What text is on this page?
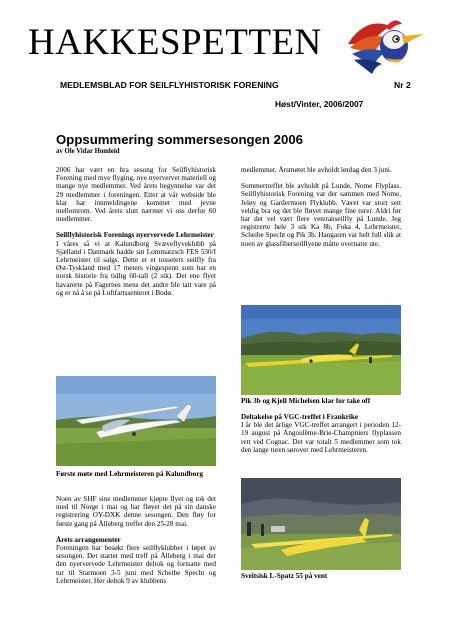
HAKKESPETTEN
MEDLEMSBLAD FOR SEILFLYHISTORISK FORENING	Nr 2
Høst/Vinter, 2006/2007
Oppsummering sommersesongen 2006
av Ole Vidar Homleid

2006 har vært en bra sesong for Seilflyhistorisk Forening med mye flyging, nye nyervervet materiell og mange nye medlemmer. Ved årets begynnelse var det 29 medlemmer i foreningen. Etter at vår webside ble klar har innmeldingene kommet med jevne mellomrom. Ved årets slutt nærmer vi oss derfor 60 medlemmer.

Seilflyhistorisk Forenings nyervervede Lehrmeister

I våres så vi at Kalundborg Svæveflyveklubb på Sjælland i Danmark hadde sin Lommatzsch FES 530/I Lehrmeister til salgs. Dette er et tosseters seilfly fra Øst-Tyskland med 17 meters vingespenn som har en norsk historie fra tidlig 60-tall (2 stk). Det ene flyet havarerte på Fagernes mens det andre ble tatt vare på og er nå å se på Luftfartssenteret i Bodø.

Første møte med Lehrmeisteren på Kalundborg

Noen av SHF sine medlemmer kjøpte flyet og tok det med til Norge i mai og har fløyet det på sin danske registrering OY-DXK denne sesongen. Den fløy for første gang på Ålleberg treffet den 25-28 mai.

Årets arrangementer

Foreningen har besøkt flere seilflyklubber i løpet av sesongen. Det startet med treff på Ålleberg i mai der den nyervervede Lehrmeister deltok og fortsatte med tur til Starmoen 3-5 juni med Scheibe Specht og Lehrmeister. Her deltok 9 av klubbens

medlemmer. Årsmøtet ble avholdt lørdag den 3 juni.

Sommertreffet ble avholdt på Lunde, Nome Flyplass. Seilflyhistorisk Forening var der sammen med Nome, Jeløy og Gardermoen Flyklubb. Været var stort sett veldig bra og det ble fløyet mange fine turer. Aldri før har det vel vært flere veteranseilfly på Lunde. Jeg registrerte hele 3 stk Ka 8b, Foka 4, Lehrmeister, Scheibe Specht og Pik 3b. Hangaren var helt full slik at noen av glassfiberseilflyene måtte overnatte ute.

Pik 3b og Kjell Michelsen klar for take off
Deltakelse på VGC-treffet i Frankrike

I år ble det årlige VGC-treffet arrangert i perioden 12-19 august på Angoulême-Brie-Champniers flyplassen rett ved Cognac. Det var totalt 5 medlemmer som tok den lange turen sørover med Lehrmeisteren.

Sveitsisk L-Spatz 55 på vent
